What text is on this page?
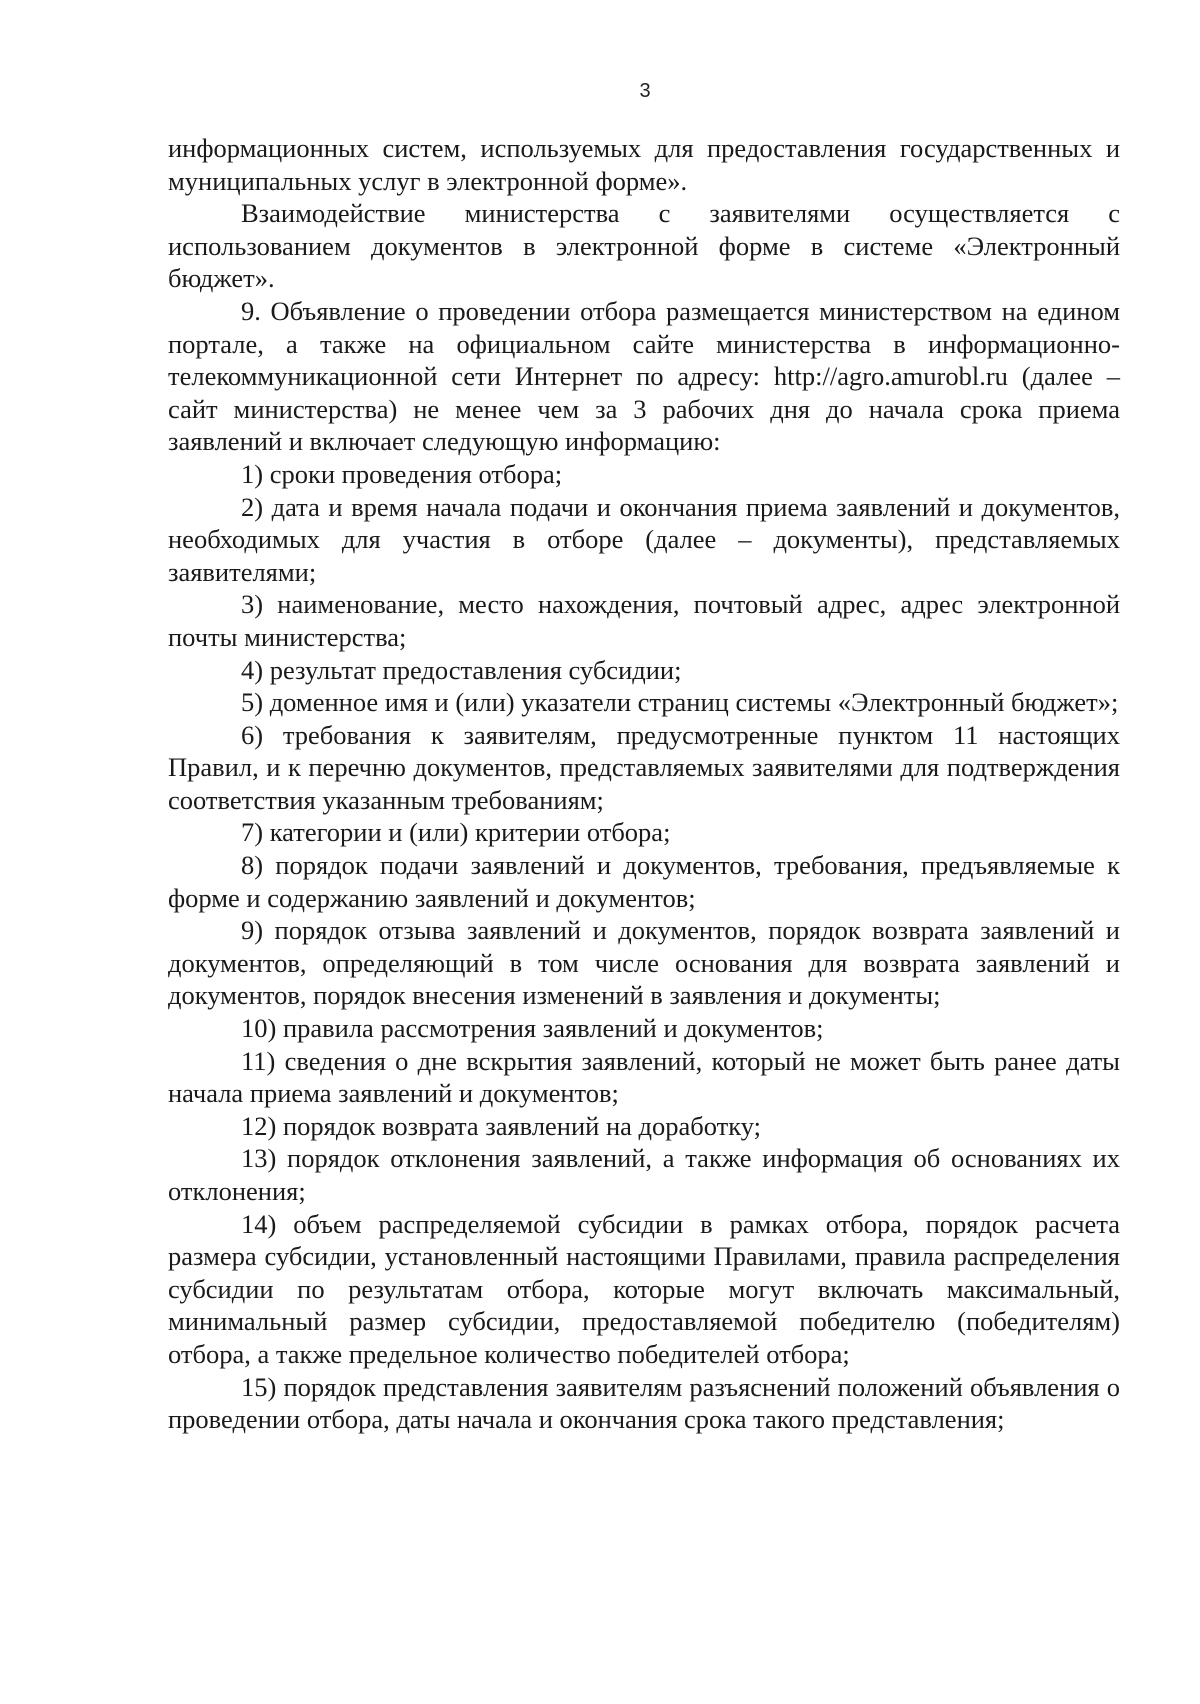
3

информационных систем, используемых для предоставления государственных и муниципальных услуг в электронной форме».

Взаимодействие министерства с заявителями осуществляется с использованием документов в электронной форме в системе «Электронный бюджет».

9. Объявление о проведении отбора размещается министерством на едином портале, а также на официальном сайте министерства в информационно-телекоммуникационной сети Интернет по адресу: http://agro.amurobl.ru (далее – сайт министерства) не менее чем за 3 рабочих дня до начала срока приема заявлений и включает следующую информацию:

1) сроки проведения отбора;

2) дата и время начала подачи и окончания приема заявлений и документов, необходимых для участия в отборе (далее – документы), представляемых заявителями;

3) наименование, место нахождения, почтовый адрес, адрес электронной почты министерства;

4) результат предоставления субсидии;

5) доменное имя и (или) указатели страниц системы «Электронный бюджет»;

6) требования к заявителям, предусмотренные пунктом 11 настоящих Правил, и к перечню документов, представляемых заявителями для подтверждения соответствия указанным требованиям;

7) категории и (или) критерии отбора;

8) порядок подачи заявлений и документов, требования, предъявляемые к форме и содержанию заявлений и документов;

9) порядок отзыва заявлений и документов, порядок возврата заявлений и документов, определяющий в том числе основания для возврата заявлений и документов, порядок внесения изменений в заявления и документы;

10) правила рассмотрения заявлений и документов;

11) сведения о дне вскрытия заявлений, который не может быть ранее даты начала приема заявлений и документов;

12) порядок возврата заявлений на доработку;

13) порядок отклонения заявлений, а также информация об основаниях их отклонения;

14) объем распределяемой субсидии в рамках отбора, порядок расчета размера субсидии, установленный настоящими Правилами, правила распределения субсидии по результатам отбора, которые могут включать максимальный, минимальный размер субсидии, предоставляемой победителю (победителям) отбора, а также предельное количество победителей отбора;

15) порядок представления заявителям разъяснений положений объявления о проведении отбора, даты начала и окончания срока такого представления;
